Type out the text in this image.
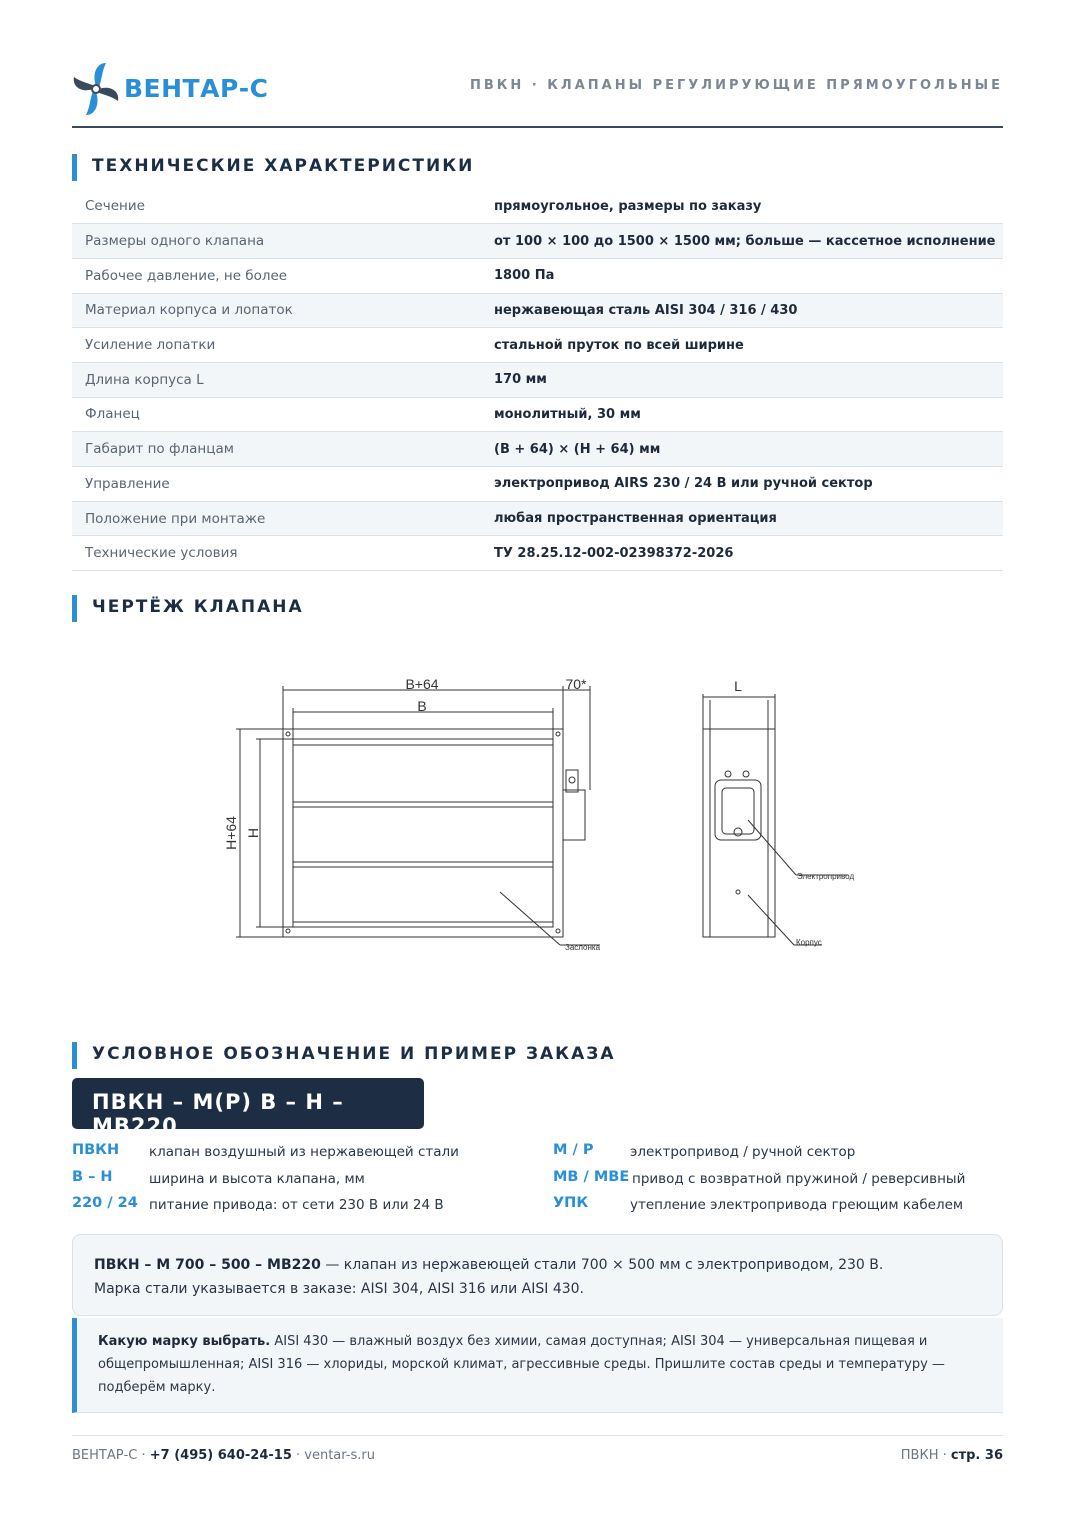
ВЕНТАР-С	ПВКН · КЛАПАНЫ РЕГУЛИРУЮЩИЕ ПРЯМОУГОЛЬНЫЕ
ТЕХНИЧЕСКИЕ ХАРАКТЕРИСТИКИ
Сечение	прямоугольное, размеры по заказу
Размеры одного клапана	от 100 × 100 до 1500 × 1500 мм; больше — кассетное исполнение
Рабочее давление, не более	1800 Па
Материал корпуса и лопаток	нержавеющая сталь AISI 304 / 316 / 430
Усиление лопатки	стальной пруток по всей ширине
Длина корпуса L	170 мм
Фланец	монолитный, 30 мм
Габарит по фланцам	(B + 64) × (H + 64) мм
Управление	электропривод AIRS 230 / 24 В или ручной сектор
Положение при монтаже	любая пространственная ориентация
Технические условия	ТУ 28.25.12-002-02398372-2026
ЧЕРТЁЖ КЛАПАНА
B+64
B
70*	L
H+64 H
Заслонка
Электропривод
Корпус
УСЛОВНОЕ ОБОЗНАЧЕНИЕ И ПРИМЕР ЗАКАЗА
ПВКН – М(Р) B – H – МВ220
ПВКН клапан воздушный из нержавеющей стали
B – H	ширина и высота клапана, мм
220 / 24 питание привода: от сети 230 В или 24 В
М / Р	электропривод / ручной сектор
МВ / МВЕ привод с возвратной пружиной / реверсивный
УПК	утепление электропривода греющим кабелем
ПВКН – М 700 – 500 – МВ220 — клапан из нержавеющей стали 700 × 500 мм с электроприводом, 230 В.
Марка стали указывается в заказе: AISI 304, AISI 316 или AISI 430.
Какую марку выбрать. AISI 430 — влажный воздух без химии, самая доступная; AISI 304 — универсальная пищевая и общепромышленная; AISI 316 — хлориды, морской климат, агрессивные среды. Пришлите состав среды и температуру — подберём марку.
ВЕНТАР-С · +7 (495) 640-24-15 · ventar-s.ru	ПВКН · стр. 36
